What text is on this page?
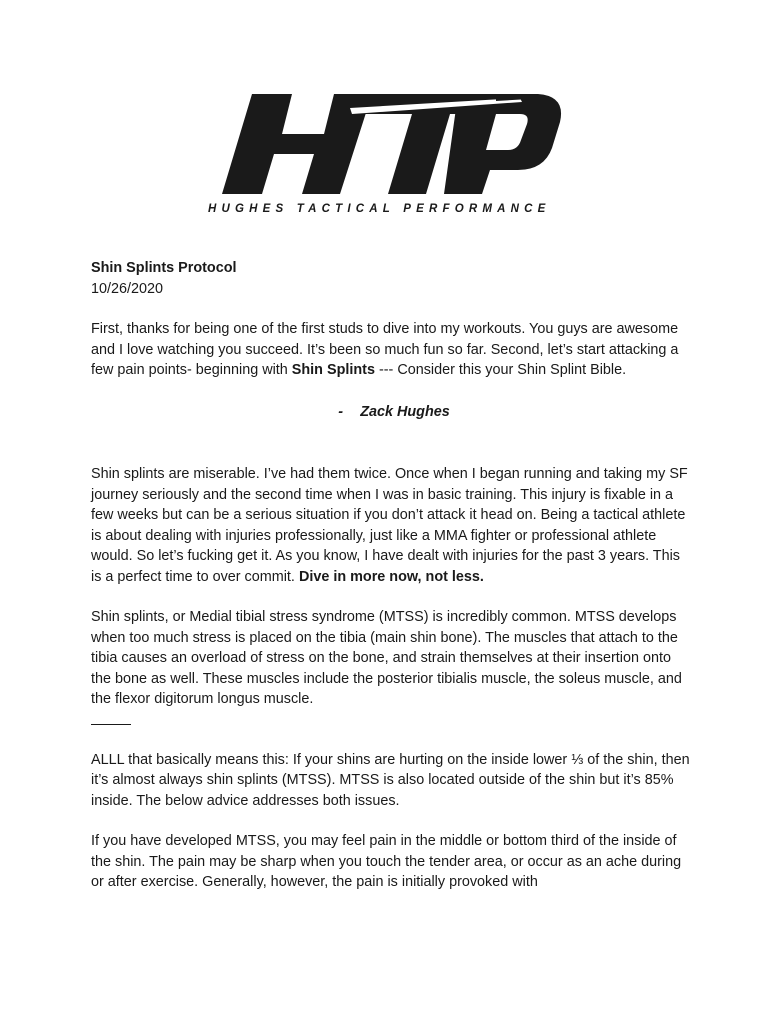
HUGHES TACTICAL PERFORMANCE

Shin Splints Protocol

10/26/2020

First, thanks for being one of the first studs to dive into my workouts. You guys are awesome and I love watching you succeed. It’s been so much fun so far. Second, let’s start attacking a few pain points- beginning with Shin Splints --- Consider this your Shin Splint Bible.

- Zack Hughes

Shin splints are miserable. I’ve had them twice. Once when I began running and taking my SF journey seriously and the second time when I was in basic training. This injury is fixable in a few weeks but can be a serious situation if you don’t attack it head on. Being a tactical athlete is about dealing with injuries professionally, just like a MMA fighter or professional athlete would. So let’s fucking get it. As you know, I have dealt with injuries for the past 3 years. This is a perfect time to over commit. Dive in more now, not less.

Shin splints, or Medial tibial stress syndrome (MTSS) is incredibly common. MTSS develops when too much stress is placed on the tibia (main shin bone). The muscles that attach to the tibia causes an overload of stress on the bone, and strain themselves at their insertion onto the bone as well. These muscles include the posterior tibialis muscle, the soleus muscle, and the flexor digitorum longus muscle.

ALLL that basically means this: If your shins are hurting on the inside lower ⅓ of the shin, then it’s almost always shin splints (MTSS). MTSS is also located outside of the shin but it’s 85% inside. The below advice addresses both issues.

If you have developed MTSS, you may feel pain in the middle or bottom third of the inside of the shin. The pain may be sharp when you touch the tender area, or occur as an ache during or after exercise. Generally, however, the pain is initially provoked with
